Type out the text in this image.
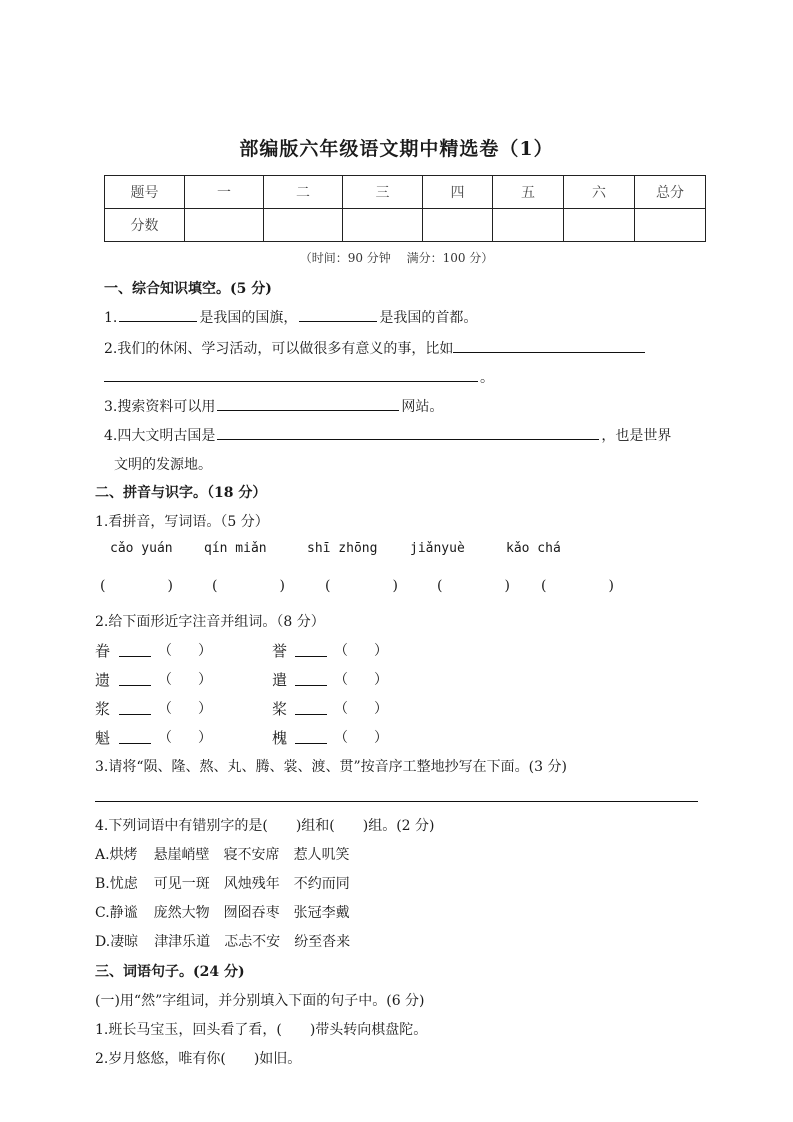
部编版六年级语文期中精选卷（1）
题号	一	二	三	四	五	六	总分
分数							
（时间：90 分钟　 满分：100 分）
一、综合知识填空。(5 分)
1.	是我国的国旗，	是我国的首都。
2.我们的休闲、学习活动，可以做很多有意义的事，比如
。
3.搜索资料可以用	网站。
4.四大文明古国是	，也是世界
文明的发源地。
二、拼音与识字。（18 分）
1.看拼音，写词语。（5 分）
cǎo yuán qín miǎn	shī zhōng	jiǎnyuè	kǎo chá
(	)	(	)	(	)	(	) (	)
2.给下面形近字注音并组词。（8 分）
眷	（ ）	誉	（ ）
遗	（ ）	遣	（ ）
浆	（ ）	桨	（ ）
魁	（ ）	槐	（ ）
3.请将“陨、隆、熬、丸、腾、裳、渡、贯”按音序工整地抄写在下面。(3 分)
4.下列词语中有错别字的是(　　)组和(　　)组。(2 分)
A.烘烤 悬崖峭壁 寝不安席 惹人叽笑
B.忧虑 可见一斑 风烛残年 不约而同
C.静谧 庞然大物 囫囵吞枣 张冠李戴
D.凄晾 津津乐道 忑忐不安 纷至沓来
三、词语句子。(24 分)
(一)用“然”字组词，并分别填入下面的句子中。(6 分)
1.班长马宝玉，回头看了看，(　　)带头转向棋盘陀。
2.岁月悠悠，唯有你(　　)如旧。
